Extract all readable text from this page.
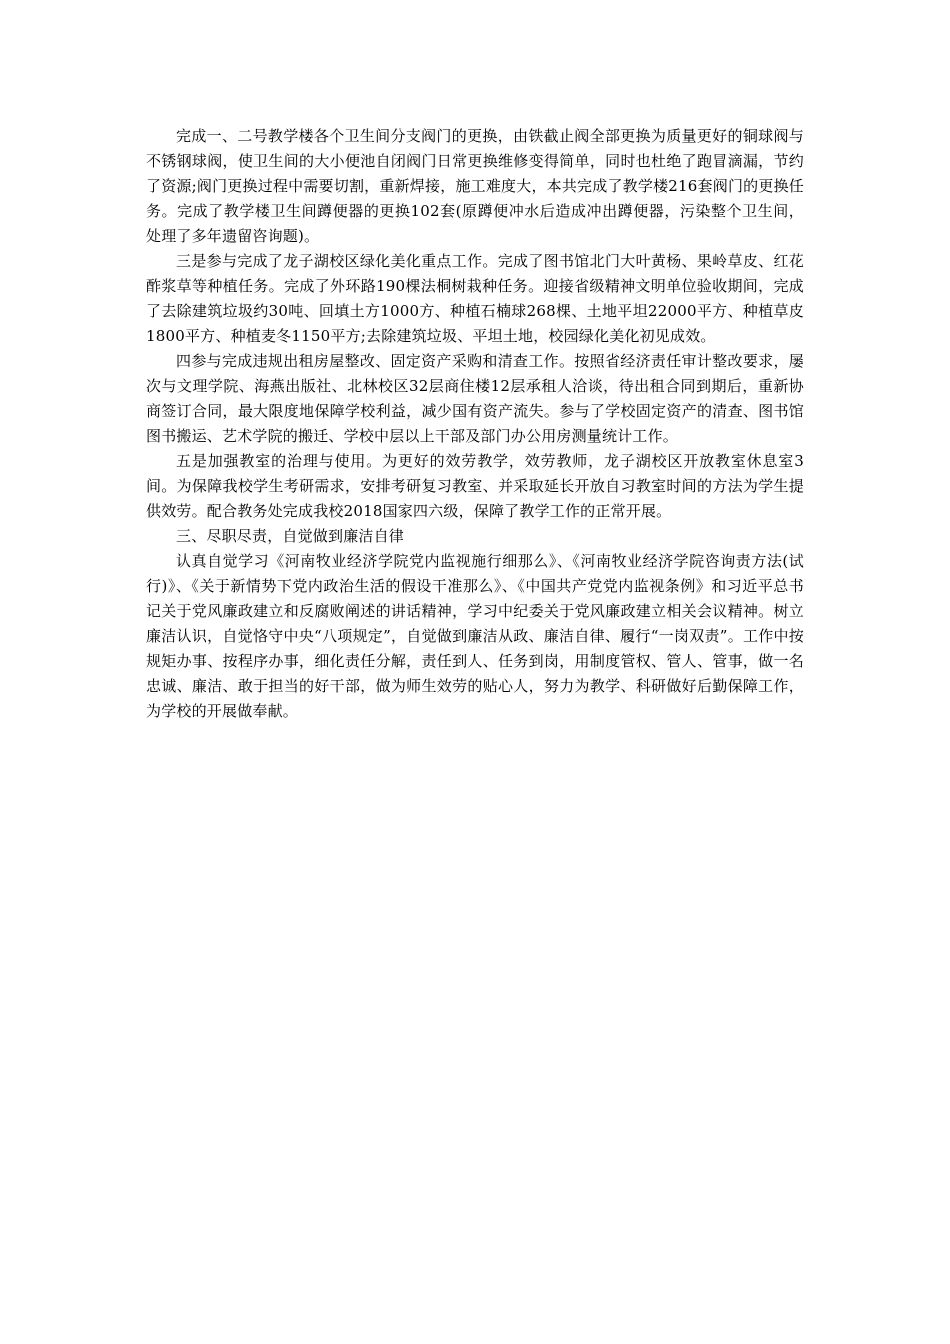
完成一、二号教学楼各个卫生间分支阀门的更换，由铁截止阀全部更换为质量更好的铜球阀与不锈钢球阀，使卫生间的大小便池自闭阀门日常更换维修变得简单，同时也杜绝了跑冒滴漏，节约了资源;阀门更换过程中需要切割，重新焊接，施工难度大，本共完成了教学楼216套阀门的更换任务。完成了教学楼卫生间蹲便器的更换102套(原蹲便冲水后造成冲出蹲便器，污染整个卫生间，处理了多年遗留咨询题)。

三是参与完成了龙子湖校区绿化美化重点工作。完成了图书馆北门大叶黄杨、果岭草皮、红花酢浆草等种植任务。完成了外环路190棵法桐树栽种任务。迎接省级精神文明单位验收期间，完成了去除建筑垃圾约30吨、回填土方1000方、种植石楠球268棵、土地平坦22000平方、种植草皮1800平方、种植麦冬1150平方;去除建筑垃圾、平坦土地，校园绿化美化初见成效。

四参与完成违规出租房屋整改、固定资产采购和清查工作。按照省经济责任审计整改要求，屡次与文理学院、海燕出版社、北林校区32层商住楼12层承租人洽谈，待出租合同到期后，重新协商签订合同，最大限度地保障学校利益，减少国有资产流失。参与了学校固定资产的清查、图书馆图书搬运、艺术学院的搬迁、学校中层以上干部及部门办公用房测量统计工作。

五是加强教室的治理与使用。为更好的效劳教学，效劳教师，龙子湖校区开放教室休息室3间。为保障我校学生考研需求，安排考研复习教室、并采取延长开放自习教室时间的方法为学生提供效劳。配合教务处完成我校2018国家四六级，保障了教学工作的正常开展。

三、尽职尽责，自觉做到廉洁自律

认真自觉学习《河南牧业经济学院党内监视施行细那么》、《河南牧业经济学院咨询责方法(试行)》、《关于新情势下党内政治生活的假设干准那么》、《中国共产党党内监视条例》和习近平总书记关于党风廉政建立和反腐败阐述的讲话精神，学习中纪委关于党风廉政建立相关会议精神。树立廉洁认识，自觉恪守中央“八项规定”，自觉做到廉洁从政、廉洁自律、履行“一岗双责”。工作中按规矩办事、按程序办事，细化责任分解，责任到人、任务到岗，用制度管权、管人、管事，做一名忠诚、廉洁、敢于担当的好干部，做为师生效劳的贴心人，努力为教学、科研做好后勤保障工作，为学校的开展做奉献。
